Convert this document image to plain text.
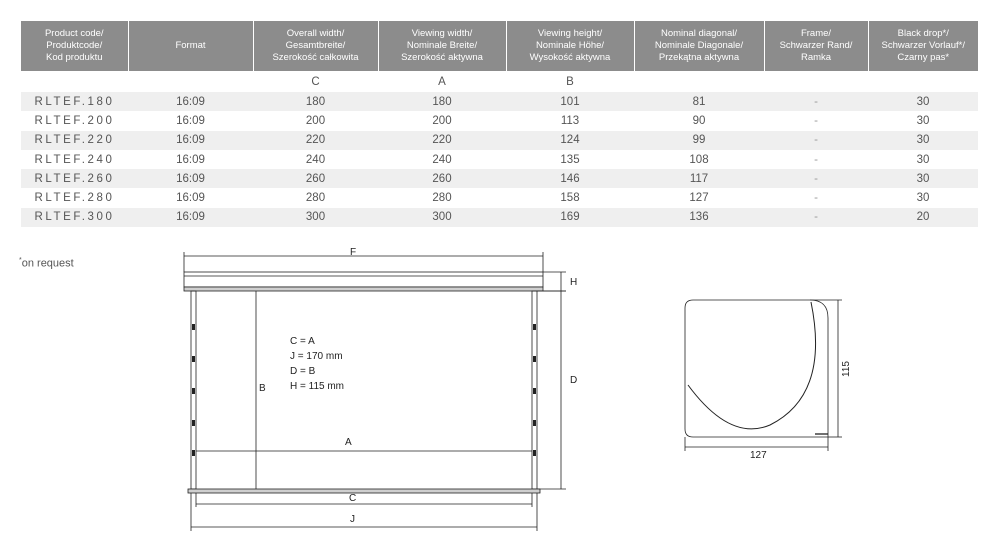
Product code/
Produktcode/
Kod produktu	Format	Overall width/
Gesamtbreite/
Szerokość całkowita	Viewing width/
Nominale Breite/
Szerokość aktywna	Viewing height/
Nominale Höhe/
Wysokość aktywna	Nominal diagonal/
Nominale Diagonale/
Przekątna aktywna	Frame/
Schwarzer Rand/
Ramka	Black drop*/
Schwarzer Vorlauf*/
Czarny pas*
		C	A	B			
RLTEF.180	16:09	180	180	101	81	-	30
RLTEF.200	16:09	200	200	113	90	-	30
RLTEF.220	16:09	220	220	124	99	-	30
RLTEF.240	16:09	240	240	135	108	-	30
RLTEF.260	16:09	260	260	146	117	-	30
RLTEF.280	16:09	280	280	158	127	-	30
RLTEF.300	16:09	300	300	169	136	-	20
*on request
F
H
D
B
A
C
J
C = A
J = 170 mm
D = B
H = 115 mm
115
127
